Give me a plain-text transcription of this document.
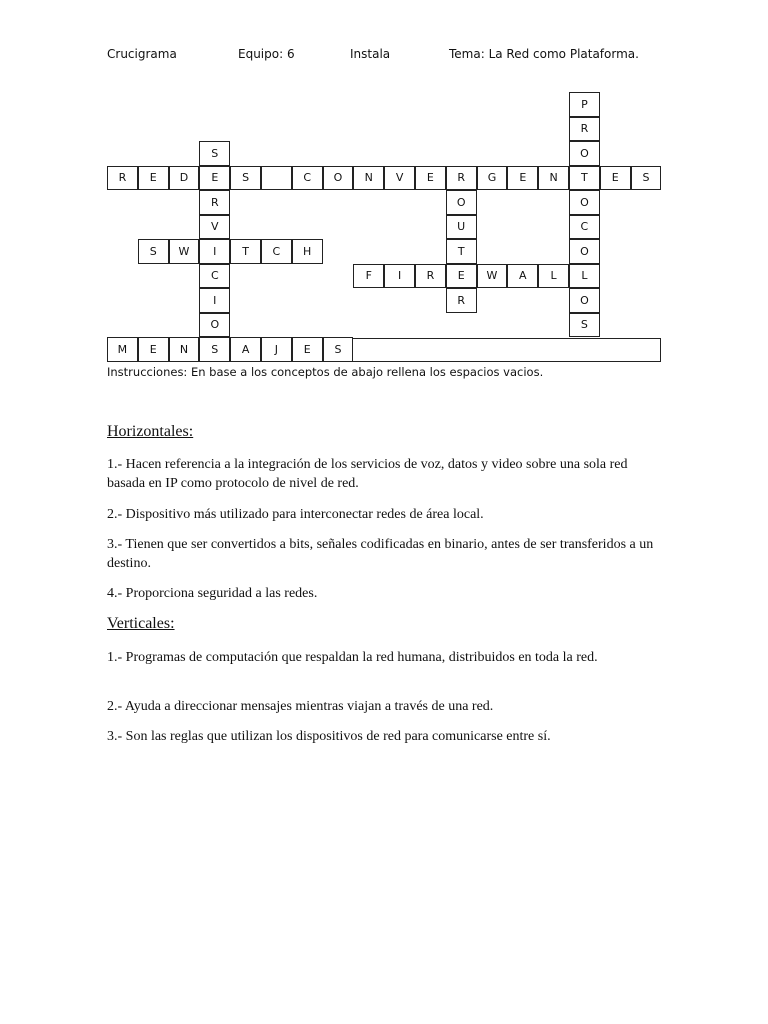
Crucigrama	Equipo: 6	Instala	Tema: La Red como Plataforma.
R	E	D	E	S	C	O	N	V	E	R	G	E	N	T	E	S
S	W	I	T	C	H
F	I	R	E	W	A	L	L
M	E	N	S	A	J	E	S
S
R
V
C
I
O
O
U
T
R
P
R
O
O
C
O
O
S
Instrucciones: En base a los conceptos de abajo rellena los espacios vacios.
Horizontales:
1.- Hacen referencia a la integración de los servicios de voz, datos y video sobre una sola red basada en IP como protocolo de nivel de red.
2.- Dispositivo más utilizado para interconectar redes de área local.
3.- Tienen que ser convertidos a bits, señales codificadas en binario, antes de ser transferidos a un destino.
4.- Proporciona seguridad a las redes.
Verticales:
1.- Programas de computación que respaldan la red humana, distribuidos en toda la red.
2.- Ayuda a direccionar mensajes mientras viajan a través de una red.
3.- Son las reglas que utilizan los dispositivos de red para comunicarse entre sí.
